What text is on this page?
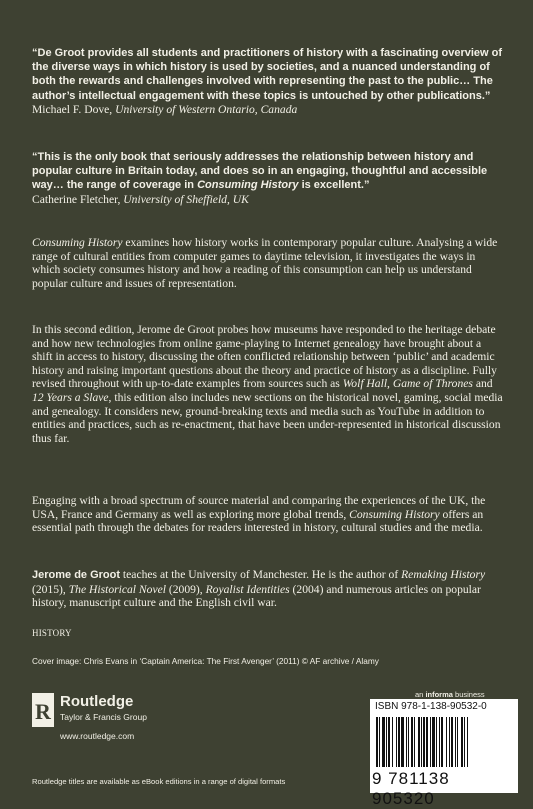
“De Groot provides all students and practitioners of history with a fascinating overview of the diverse ways in which history is used by societies, and a nuanced understanding of both the rewards and challenges involved with representing the past to the public… The author’s intellectual engagement with these topics is untouched by other publications.”
Michael F. Dove, University of Western Ontario, Canada
“This is the only book that seriously addresses the relationship between history and popular culture in Britain today, and does so in an engaging, thoughtful and accessible way… the range of coverage in Consuming History is excellent.”
Catherine Fletcher, University of Sheffield, UK
Consuming History examines how history works in contemporary popular culture. Analysing a wide range of cultural entities from computer games to daytime television, it investigates the ways in which society consumes history and how a reading of this consumption can help us understand popular culture and issues of representation.
In this second edition, Jerome de Groot probes how museums have responded to the heritage debate and how new technologies from online game-playing to Internet genealogy have brought about a shift in access to history, discussing the often conflicted relationship between ‘public’ and academic history and raising important questions about the theory and practice of history as a discipline. Fully revised throughout with up-to-date examples from sources such as Wolf Hall, Game of Thrones and 12 Years a Slave, this edition also includes new sections on the historical novel, gaming, social media and genealogy. It considers new, ground-breaking texts and media such as YouTube in addition to entities and practices, such as re-enactment, that have been under-represented in historical discussion thus far.
Engaging with a broad spectrum of source material and comparing the experiences of the UK, the USA, France and Germany as well as exploring more global trends, Consuming History offers an essential path through the debates for readers interested in history, cultural studies and the media.
Jerome de Groot teaches at the University of Manchester. He is the author of Remaking History (2015), The Historical Novel (2009), Royalist Identities (2004) and numerous articles on popular history, manuscript culture and the English civil war.
HISTORY
Cover image: Chris Evans in ‘Captain America: The First Avenger’ (2011) © AF archive / Alamy
R Routledge
Taylor & Francis Group
www.routledge.com
an informa business
ISBN 978-1-138-90532-0
9 781138 905320
Routledge titles are available as eBook editions in a range of digital formats
